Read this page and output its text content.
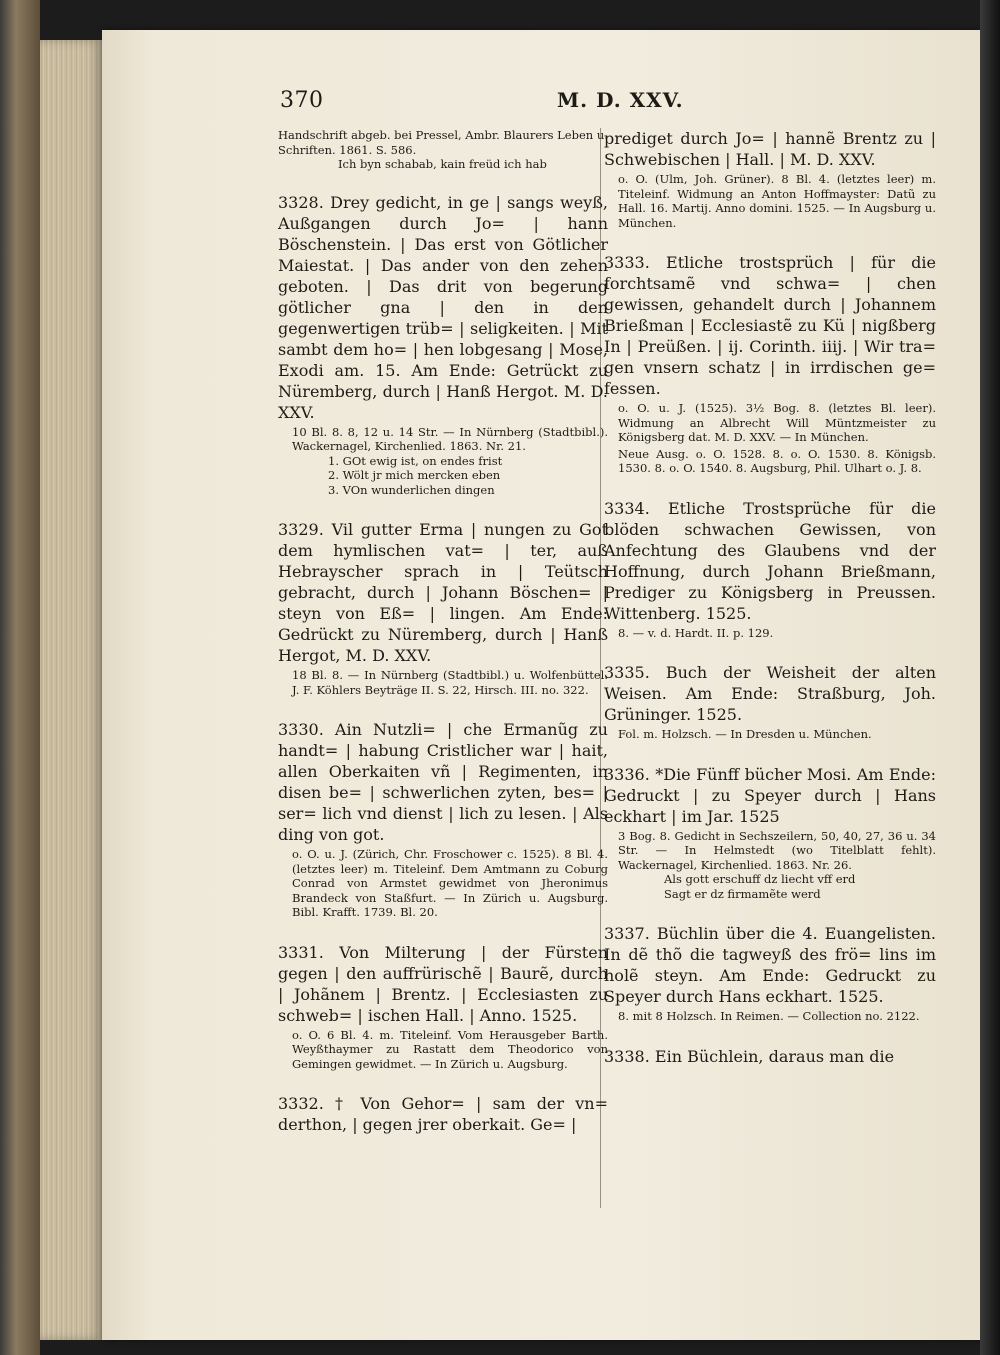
370	M. D. XXV.

Handschrift abgeb. bei Pressel, Ambr. Blaurers Leben u. Schriften. 1861. S. 586.

Ich byn schabab, kain freüd ich hab

3328. Drey gedicht, in ge | sangs weyß, Außgangen durch Jo= | hann Böschenstein. | Das erst von Götlicher Maiestat. | Das ander von den zehen geboten. | Das drit von begerung götlicher gna | den in den gegenwertigen trüb= | seligkeiten. | Mit sambt dem ho= | hen lobgesang | Mose, Exodi am. 15. Am Ende: Getrückt zu Nüremberg, durch | Hanß Hergot. M. D. XXV.

10 Bl. 8. 8, 12 u. 14 Str. — In Nürnberg (Stadtbibl.). Wackernagel, Kirchenlied. 1863. Nr. 21.

1. GOt ewig ist, on endes frist

2. Wölt jr mich mercken eben

3. VOn wunderlichen dingen

3329. Vil gutter Erma | nungen zu Got dem hymlischen vat= | ter, auß Hebrayscher sprach in | Teütsch gebracht, durch | Johann Böschen= | steyn von Eß= | lingen. Am Ende: Gedrückt zu Nüremberg, durch | Hanß Hergot, M. D. XXV.

18 Bl. 8. — In Nürnberg (Stadtbibl.) u. Wolfenbüttel. J. F. Köhlers Beyträge II. S. 22, Hirsch. III. no. 322.

3330. Ain Nutzli= | che Ermanũg zu handt= | habung Cristlicher war | hait, allen Oberkaiten vñ | Regimenten, in disen be= | schwerlichen zyten, bes= | ser= lich vnd dienst | lich zu lesen. | Als ding von got.

o. O. u. J. (Zürich, Chr. Froschower c. 1525). 8 Bl. 4. (letztes leer) m. Titeleinf. Dem Amtmann zu Coburg Conrad von Armstet gewidmet von Jheronimus Brandeck von Staßfurt. — In Zürich u. Augsburg. Bibl. Krafft. 1739. Bl. 20.

3331. Von Milterung | der Fürsten gegen | den auffrürischẽ | Baurẽ, durch | Johãnem | Brentz. | Ecclesiasten zu schweb= | ischen Hall. | Anno. 1525.

o. O. 6 Bl. 4. m. Titeleinf. Vom Herausgeber Barth. Weyßthaymer zu Rastatt dem Theodorico von Gemingen gewidmet. — In Zürich u. Augsburg.

3332. † Von Gehor= | sam der vn= derthon, | gegen jrer oberkait. Ge= |

prediget durch Jo= | hannẽ Brentz zu | Schwebischen | Hall. | M. D. XXV.

o. O. (Ulm, Joh. Grüner). 8 Bl. 4. (letztes leer) m. Titeleinf. Widmung an Anton Hoffmayster: Datũ zu Hall. 16. Martij. Anno domini. 1525. — In Augsburg u. München.

3333. Etliche trostsprüch | für die forchtsamẽ vnd schwa= | chen gewissen, gehandelt durch | Johannem Brießman | Ecclesiastẽ zu Kü | nigßberg In | Preüßen. | ij. Corinth. iiij. | Wir tra= gen vnsern schatz | in irrdischen ge= fessen.

o. O. u. J. (1525). 3½ Bog. 8. (letztes Bl. leer). Widmung an Albrecht Will Müntzmeister zu Königsberg dat. M. D. XXV. — In München.

Neue Ausg. o. O. 1528. 8. o. O. 1530. 8. Königsb. 1530. 8. o. O. 1540. 8. Augsburg, Phil. Ulhart o. J. 8.

3334. Etliche Trostsprüche für die blöden schwachen Gewissen, von Anfechtung des Glaubens vnd der Hoffnung, durch Johann Brießmann, Prediger zu Königsberg in Preussen. Wittenberg. 1525.

8. — v. d. Hardt. II. p. 129.

3335. Buch der Weisheit der alten Weisen. Am Ende: Straßburg, Joh. Grüninger. 1525.

Fol. m. Holzsch. — In Dresden u. München.

3336. *Die Fünff bücher Mosi. Am Ende: Gedruckt | zu Speyer durch | Hans eckhart | im Jar. 1525

3 Bog. 8. Gedicht in Sechszeilern, 50, 40, 27, 36 u. 34 Str. — In Helmstedt (wo Titelblatt fehlt). Wackernagel, Kirchenlied. 1863. Nr. 26.

Als gott erschuff dz liecht vff erd

Sagt er dz firmamẽte werd

3337. Büchlin über die 4. Euangelisten. In dẽ thõ die tagweyß des frö= lins im holẽ steyn. Am Ende: Gedruckt zu Speyer durch Hans eckhart. 1525.

8. mit 8 Holzsch. In Reimen. — Collection no. 2122.

3338. Ein Büchlein, daraus man die
